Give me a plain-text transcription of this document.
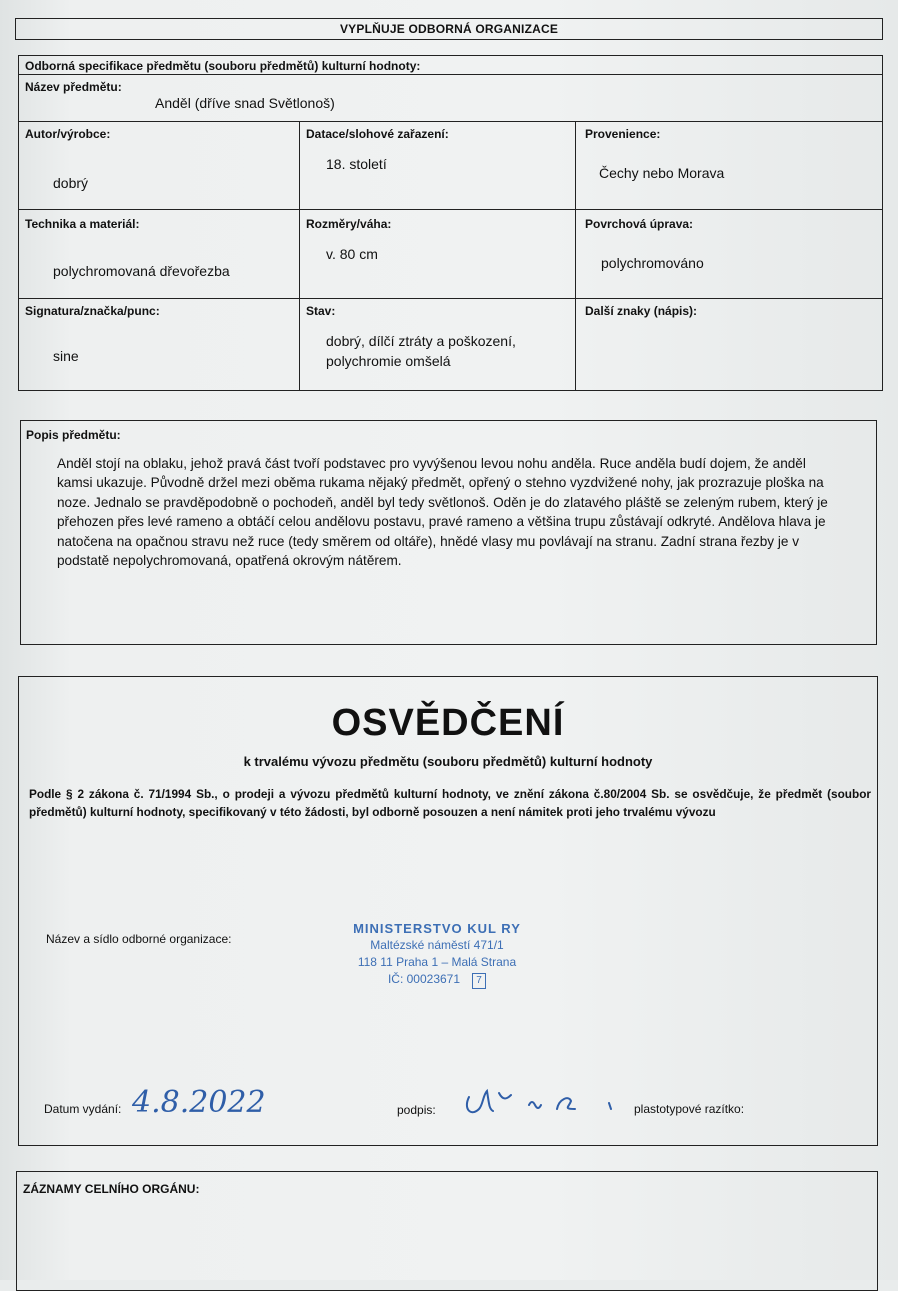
VYPLŇUJE ODBORNÁ ORGANIZACE
Odborná specifikace předmětu (souboru předmětů) kulturní hodnoty:
Název předmětu:
Anděl (dříve snad Světlonoš)
Autor/výrobce:
dobrý
Datace/slohové zařazení:
18. století
Provenience:
Čechy nebo Morava
Technika a materiál:
polychromovaná dřevořezba
Rozměry/váha:
v. 80 cm
Povrchová úprava:
polychromováno
Signatura/značka/punc:
sine
Stav:
dobrý, dílčí ztráty a poškození,
polychromie omšelá
Další znaky (nápis):
Popis předmětu:
Anděl stojí na oblaku, jehož pravá část tvoří podstavec pro vyvýšenou levou nohu anděla. Ruce anděla budí dojem, že anděl
kamsi ukazuje. Původně držel mezi oběma rukama nějaký předmět, opřený o stehno vyzdvižené nohy, jak prozrazuje ploška na
noze. Jednalo se pravděpodobně o pochodeň, anděl byl tedy světlonoš. Oděn je do zlatavého pláště se zeleným rubem, který je
přehozen přes levé rameno a obtáčí celou andělovu postavu, pravé rameno a většina trupu zůstávají odkryté. Andělova hlava je
natočena na opačnou stravu než ruce (tedy směrem od oltáře), hnědé vlasy mu povlávají na stranu. Zadní strana řezby je v
podstatě nepolychromovaná, opatřená okrovým nátěrem.
OSVĚDČENÍ
k trvalému vývozu předmětu (souboru předmětů) kulturní hodnoty
Podle § 2 zákona č. 71/1994 Sb., o prodeji a vývozu předmětů kulturní hodnoty, ve znění zákona č.80/2004 Sb. se osvědčuje, že předmět (soubor předmětů) kulturní hodnoty, specifikovaný v této žádosti, byl odborně posouzen a není námitek proti jeho trvalému vývozu
Název a sídlo odborné organizace:
MINISTERSTVO KUL RY
Maltézské náměstí 471/1
118 11 Praha 1 – Malá Strana
IČ: 00023671 7
Datum vydání: 4.8.2022	podpis:	plastotypové razítko:
ZÁZNAMY CELNÍHO ORGÁNU:
